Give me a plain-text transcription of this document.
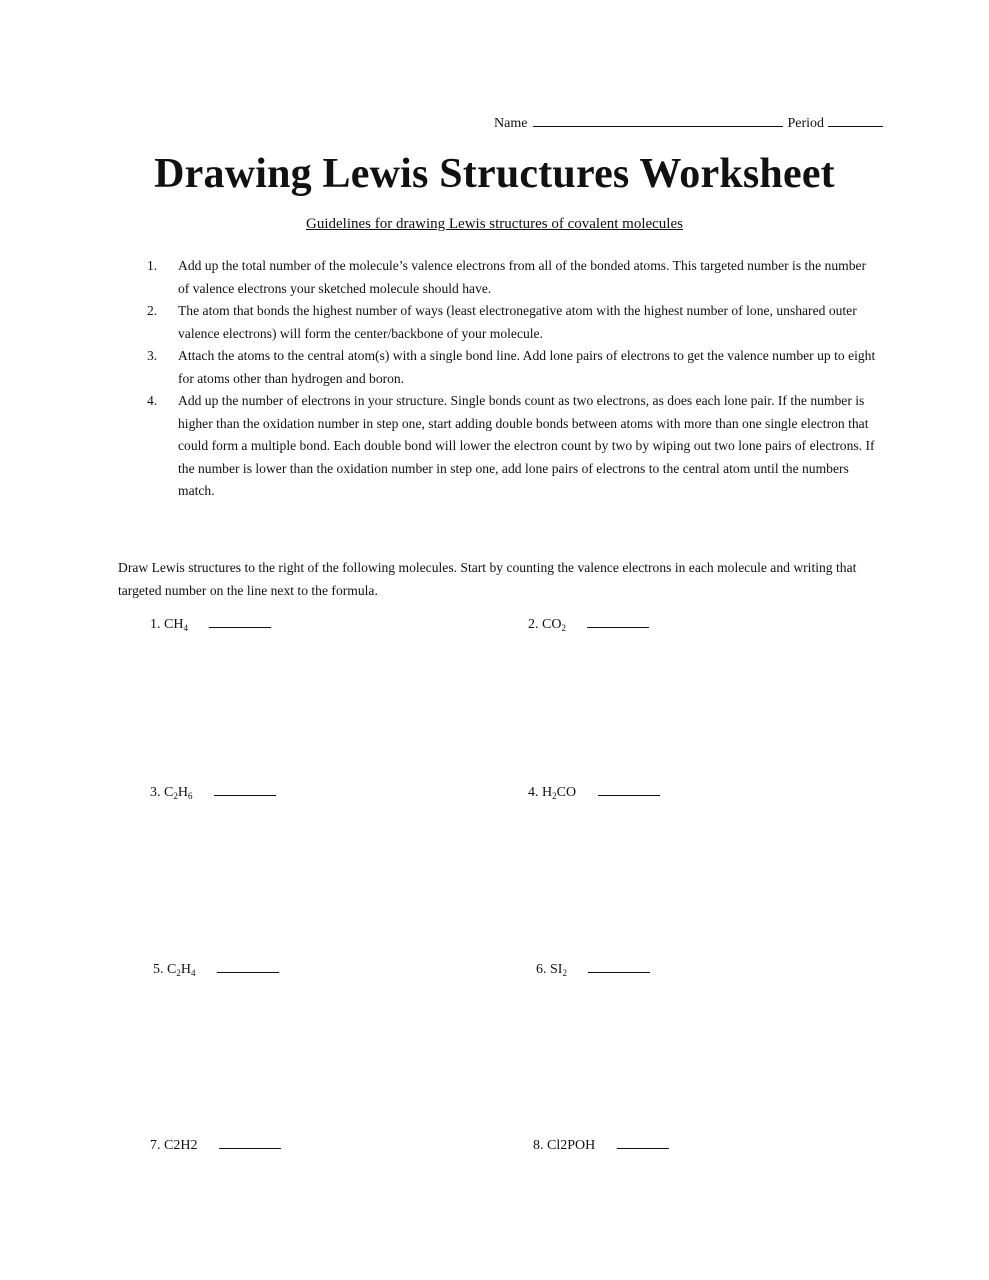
Name	Period
Drawing Lewis Structures Worksheet
Guidelines for drawing Lewis structures of covalent molecules
1. Add up the total number of the molecule’s valence electrons from all of the bonded atoms. This targeted number is the number of valence electrons your sketched molecule should have.
2. The atom that bonds the highest number of ways (least electronegative atom with the highest number of lone, unshared outer valence electrons) will form the center/backbone of your molecule.
3. Attach the atoms to the central atom(s) with a single bond line. Add lone pairs of electrons to get the valence number up to eight for atoms other than hydrogen and boron.
4. Add up the number of electrons in your structure. Single bonds count as two electrons, as does each lone pair. If the number is higher than the oxidation number in step one, start adding double bonds between atoms with more than one single electron that could form a multiple bond. Each double bond will lower the electron count by two by wiping out two lone pairs of electrons. If the number is lower than the oxidation number in step one, add lone pairs of electrons to the central atom until the numbers match.
Draw Lewis structures to the right of the following molecules. Start by counting the valence electrons in each molecule and writing that targeted number on the line next to the formula.
1. $CH_4$	2. $CO_2$
3. $C_2H_6$	4. $H_2CO$
5. $C_2H_4$	6. $SI_2$
7. C2H2	8. Cl2POH
